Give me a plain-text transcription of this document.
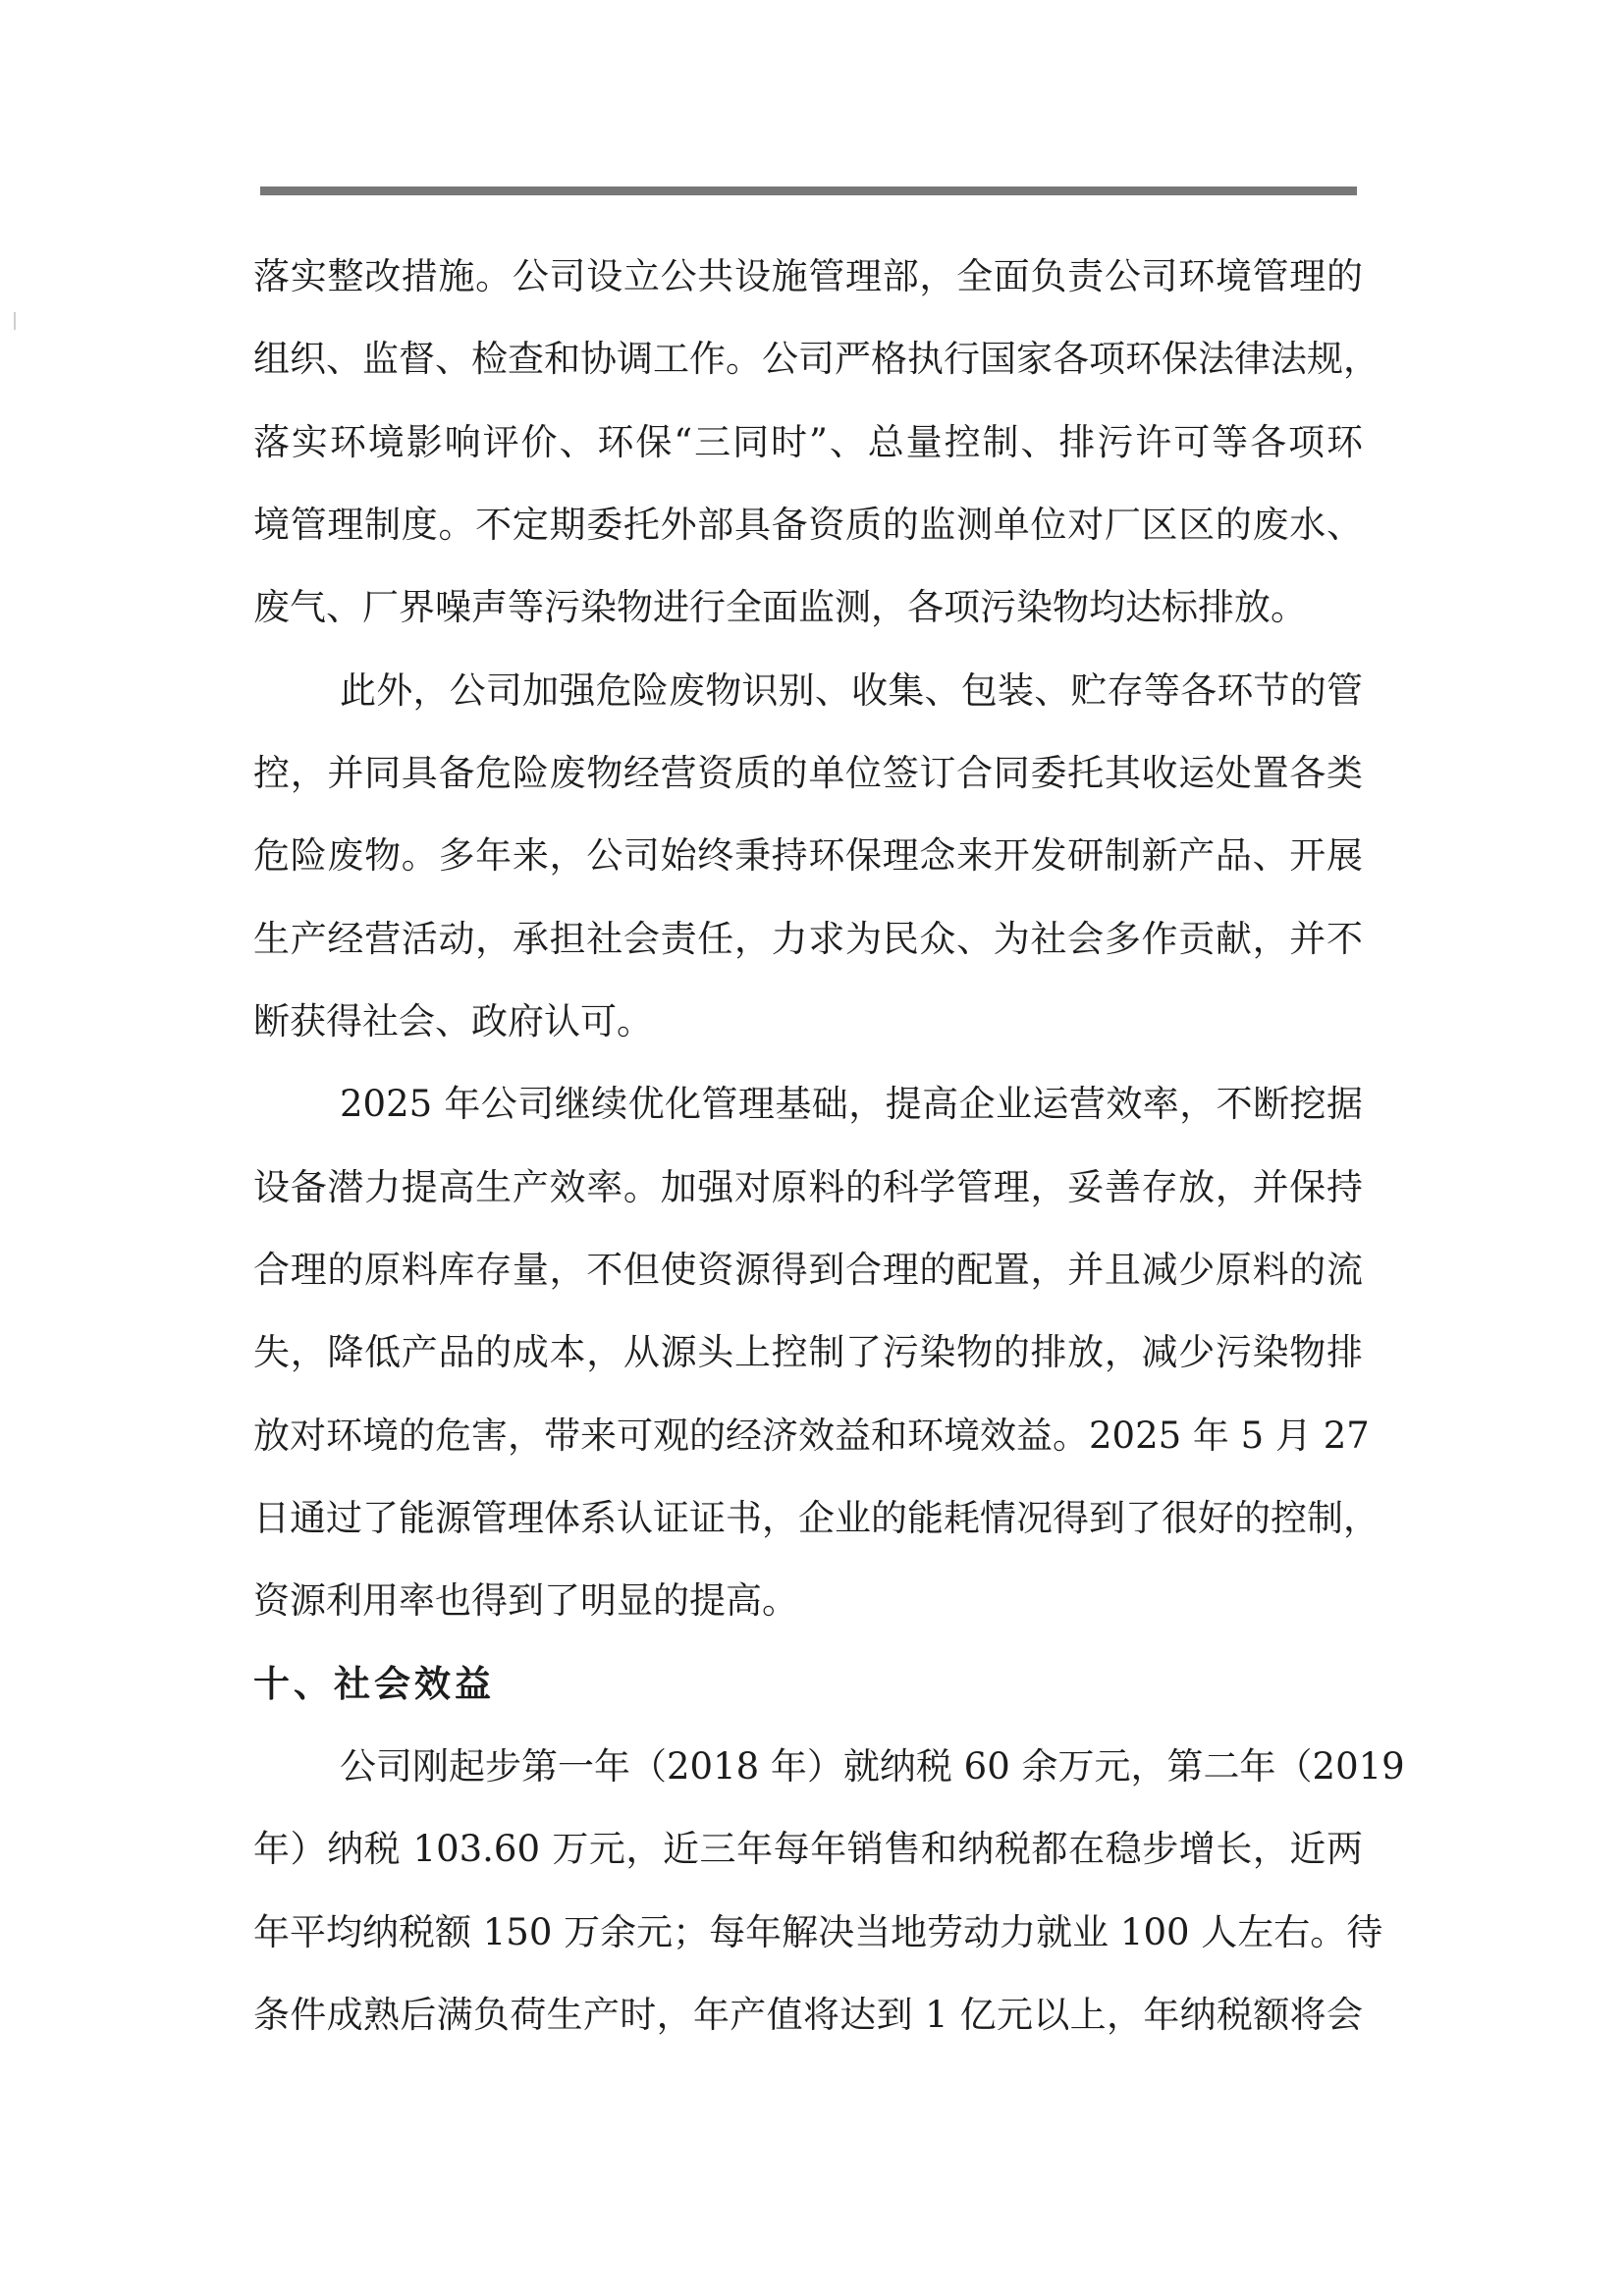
落实整改措施。公司设立公共设施管理部，全面负责公司环境管理的
组织、监督、检查和协调工作。公司严格执行国家各项环保法律法规，
落实环境影响评价、环保“三同时”、总量控制、排污许可等各项环
境管理制度。不定期委托外部具备资质的监测单位对厂区区的废水、
废气、厂界噪声等污染物进行全面监测，各项污染物均达标排放。
此外，公司加强危险废物识别、收集、包装、贮存等各环节的管
控，并同具备危险废物经营资质的单位签订合同委托其收运处置各类
危险废物。多年来，公司始终秉持环保理念来开发研制新产品、开展
生产经营活动，承担社会责任，力求为民众、为社会多作贡献，并不
断获得社会、政府认可。
2025 年公司继续优化管理基础，提高企业运营效率，不断挖据
设备潜力提高生产效率。加强对原料的科学管理，妥善存放，并保持
合理的原料库存量，不但使资源得到合理的配置，并且减少原料的流
失，降低产品的成本，从源头上控制了污染物的排放，减少污染物排
放对环境的危害，带来可观的经济效益和环境效益。2025 年 5 月 27
日通过了能源管理体系认证证书，企业的能耗情况得到了很好的控制，
资源利用率也得到了明显的提高。
十、社会效益
公司刚起步第一年（2018 年）就纳税 60 余万元，第二年（2019
年）纳税 103.60 万元，近三年每年销售和纳税都在稳步增长，近两
年平均纳税额 150 万余元；每年解决当地劳动力就业 100 人左右。待
条件成熟后满负荷生产时，年产值将达到 1 亿元以上，年纳税额将会
